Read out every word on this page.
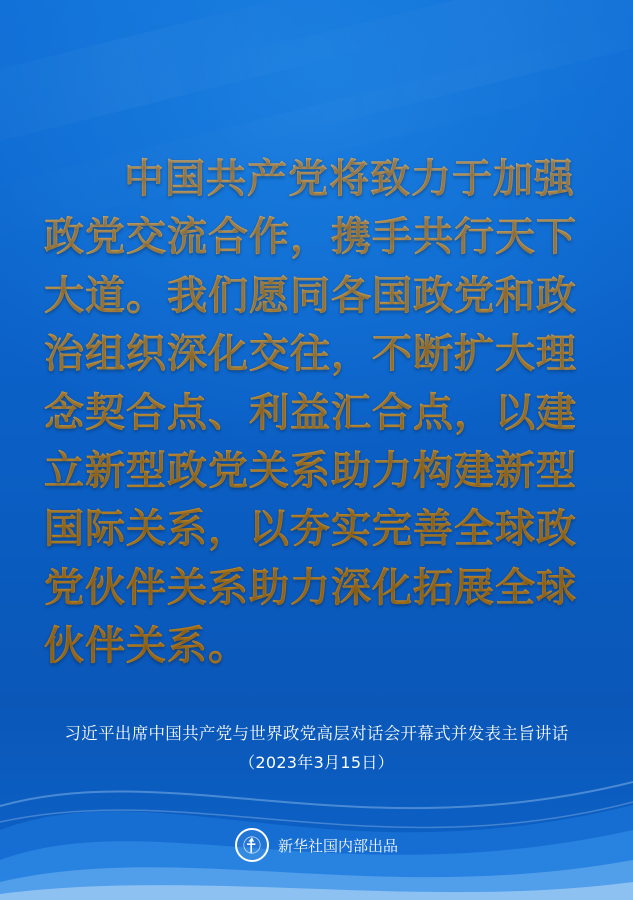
中国共产党将致力于加强政党交流合作，携手共行天下大道。我们愿同各国政党和政治组织深化交往，不断扩大理念契合点、利益汇合点，以建立新型政党关系助力构建新型国际关系，以夯实完善全球政党伙伴关系助力深化拓展全球伙伴关系。
习近平出席中国共产党与世界政党高层对话会开幕式并发表主旨讲话
（2023年3月15日）
新华社国内部出品
